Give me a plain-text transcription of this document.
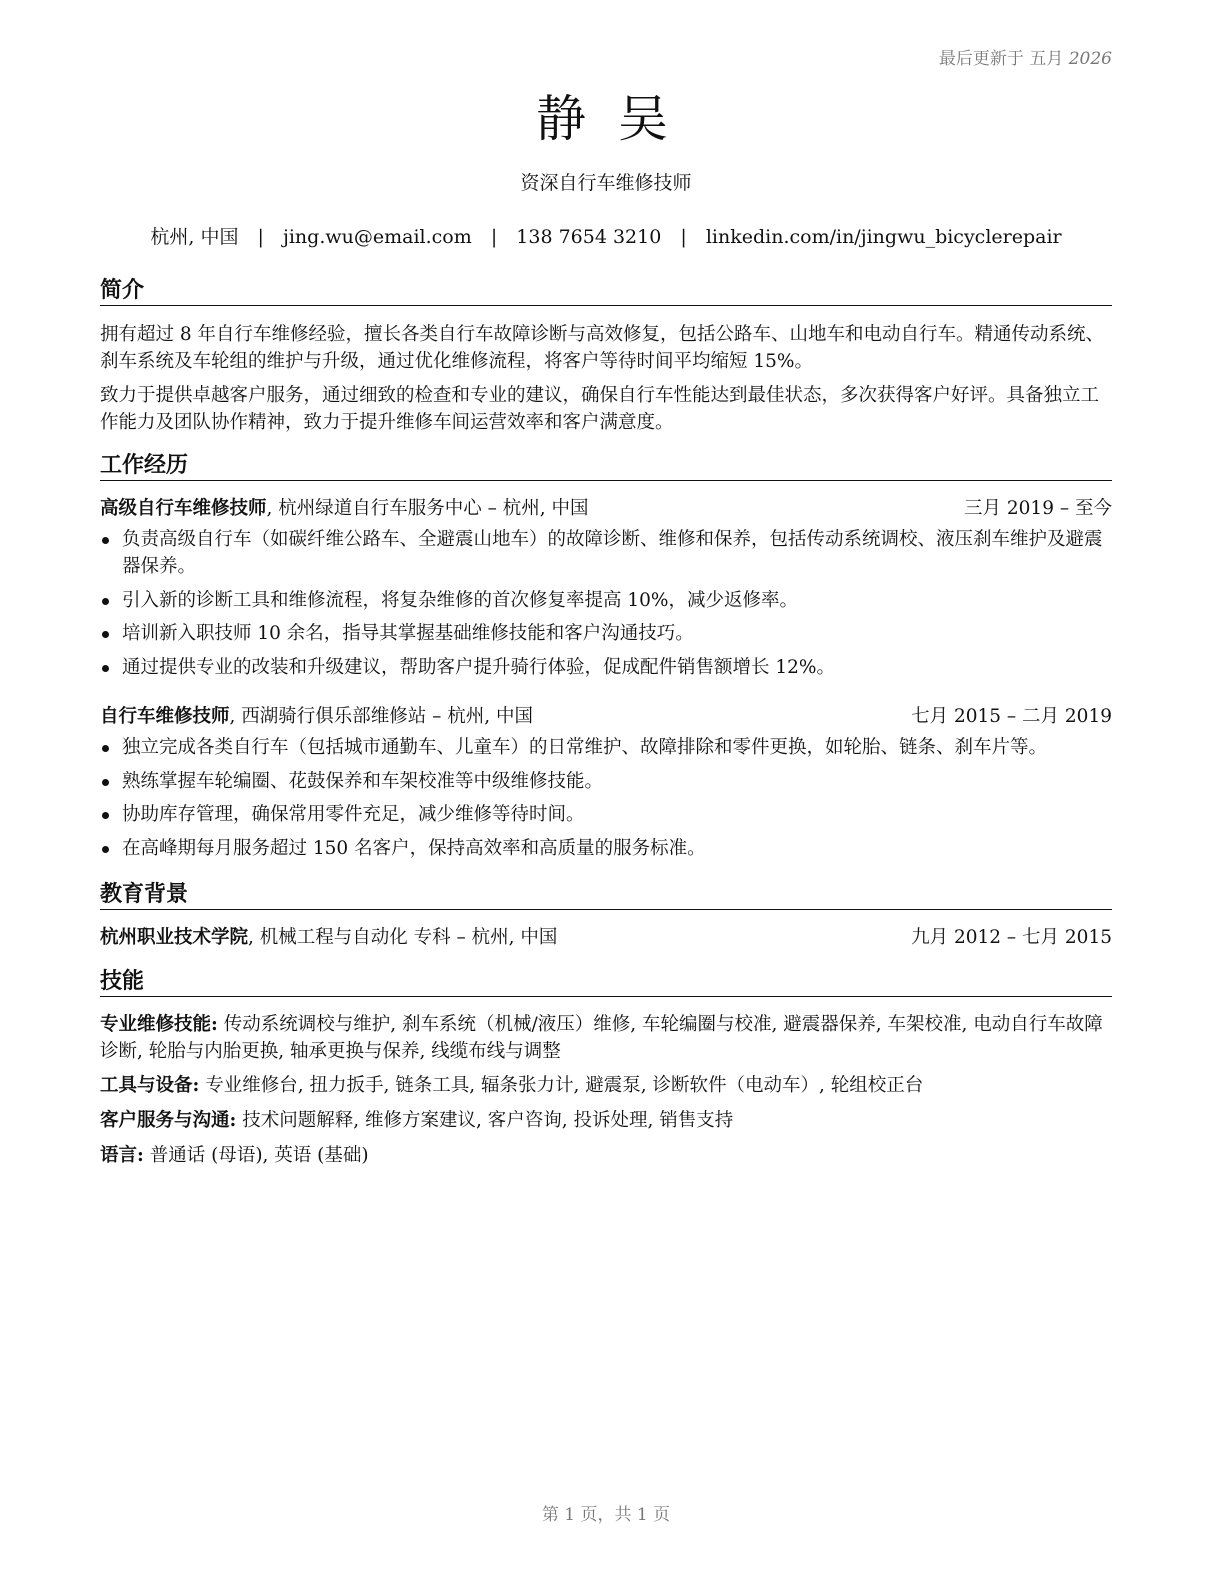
最后更新于 五月 2026
静 吴
资深自行车维修技师
杭州, 中国 | jing.wu@email.com | 138 7654 3210 | linkedin.com/in/jingwu_bicyclerepair
简介
拥有超过 8 年自行车维修经验，擅长各类自行车故障诊断与高效修复，包括公路车、山地车和电动自行车。精通传动系统、刹车系统及车轮组的维护与升级，通过优化维修流程，将客户等待时间平均缩短 15%。
致力于提供卓越客户服务，通过细致的检查和专业的建议，确保自行车性能达到最佳状态，多次获得客户好评。具备独立工作能力及团队协作精神，致力于提升维修车间运营效率和客户满意度。
工作经历
高级自行车维修技师, 杭州绿道自行车服务中心 – 杭州, 中国	三月 2019 – 至今
负责高级自行车（如碳纤维公路车、全避震山地车）的故障诊断、维修和保养，包括传动系统调校、液压刹车维护及避震器保养。
引入新的诊断工具和维修流程，将复杂维修的首次修复率提高 10%，减少返修率。
培训新入职技师 10 余名，指导其掌握基础维修技能和客户沟通技巧。
通过提供专业的改装和升级建议，帮助客户提升骑行体验，促成配件销售额增长 12%。
自行车维修技师, 西湖骑行俱乐部维修站 – 杭州, 中国	七月 2015 – 二月 2019
独立完成各类自行车（包括城市通勤车、儿童车）的日常维护、故障排除和零件更换，如轮胎、链条、刹车片等。
熟练掌握车轮编圈、花鼓保养和车架校准等中级维修技能。
协助库存管理，确保常用零件充足，减少维修等待时间。
在高峰期每月服务超过 150 名客户，保持高效率和高质量的服务标准。
教育背景
杭州职业技术学院, 机械工程与自动化 专科 – 杭州, 中国	九月 2012 – 七月 2015
技能
专业维修技能: 传动系统调校与维护, 刹车系统（机械/液压）维修, 车轮编圈与校准, 避震器保养, 车架校准, 电动自行车故障诊断, 轮胎与内胎更换, 轴承更换与保养, 线缆布线与调整
工具与设备: 专业维修台, 扭力扳手, 链条工具, 辐条张力计, 避震泵, 诊断软件（电动车）, 轮组校正台
客户服务与沟通: 技术问题解释, 维修方案建议, 客户咨询, 投诉处理, 销售支持
语言: 普通话 (母语), 英语 (基础)
第 1 页，共 1 页
